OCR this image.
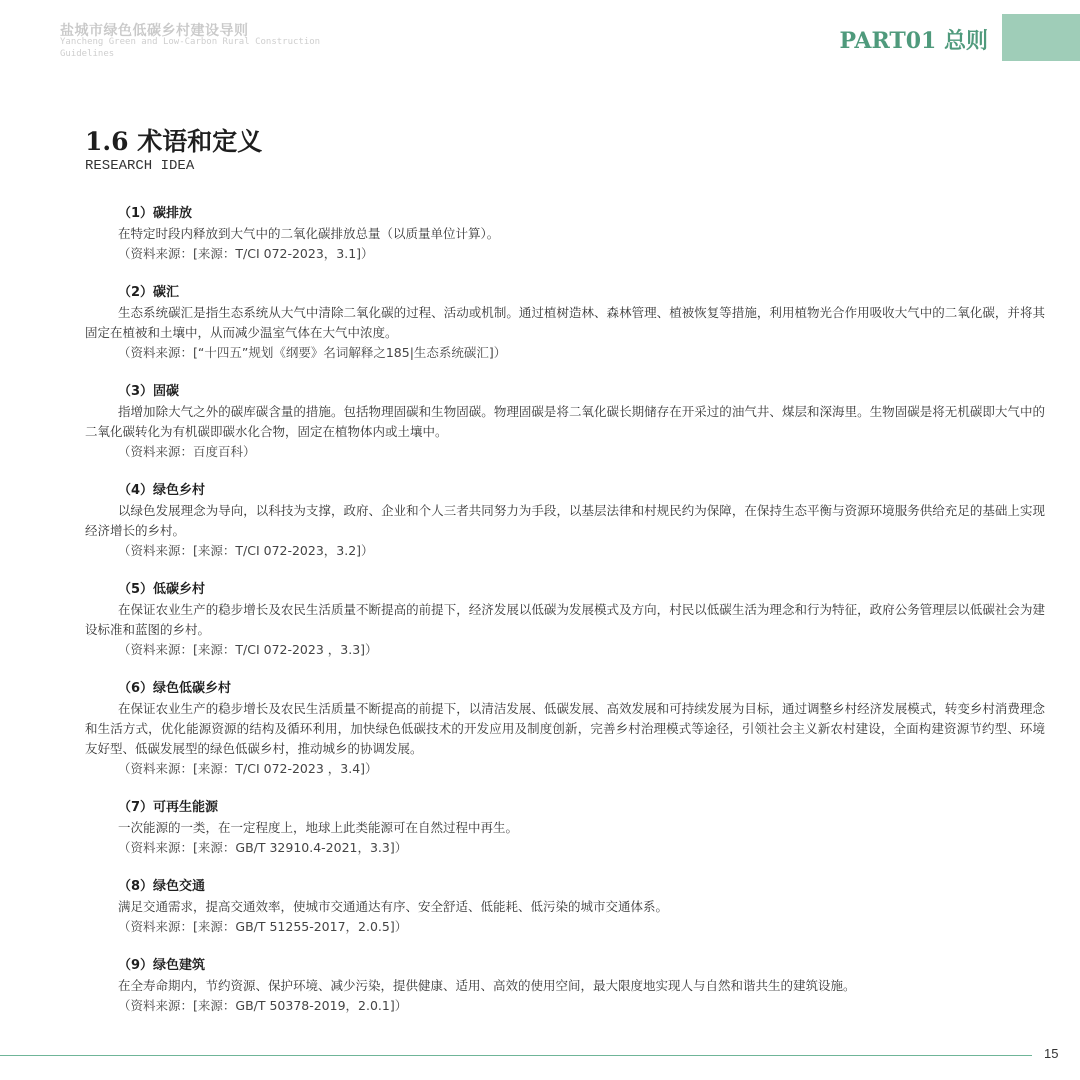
盐城市绿色低碳乡村建设导则
Yancheng Green and Low-Carbon Rural Construction Guidelines	PART01 总则
1.6 术语和定义
RESEARCH IDEA
（1）碳排放

在特定时段内释放到大气中的二氧化碳排放总量（以质量单位计算）。

（资料来源：[来源：T/CI 072-2023，3.1]）
（2）碳汇

生态系统碳汇是指生态系统从大气中清除二氧化碳的过程、活动或机制。通过植树造林、森林管理、植被恢复等措施，利用植物光合作用吸收大气中的二氧化碳，并将其固定在植被和土壤中，从而减少温室气体在大气中浓度。

（资料来源：[“十四五”规划《纲要》名词解释之185|生态系统碳汇]）
（3）固碳

指增加除大气之外的碳库碳含量的措施。包括物理固碳和生物固碳。物理固碳是将二氧化碳长期储存在开采过的油气井、煤层和深海里。生物固碳是将无机碳即大气中的二氧化碳转化为有机碳即碳水化合物，固定在植物体内或土壤中。

（资料来源：百度百科）
（4）绿色乡村

以绿色发展理念为导向，以科技为支撑，政府、企业和个人三者共同努力为手段，以基层法律和村规民约为保障，在保持生态平衡与资源环境服务供给充足的基础上实现经济增长的乡村。

（资料来源：[来源：T/CI 072-2023，3.2]）
（5）低碳乡村

在保证农业生产的稳步增长及农民生活质量不断提高的前提下，经济发展以低碳为发展模式及方向，村民以低碳生活为理念和行为特征，政府公务管理层以低碳社会为建设标准和蓝图的乡村。

（资料来源：[来源：T/CI 072-2023 ，3.3]）
（6）绿色低碳乡村

在保证农业生产的稳步增长及农民生活质量不断提高的前提下，以清洁发展、低碳发展、高效发展和可持续发展为目标，通过调整乡村经济发展模式，转变乡村消费理念和生活方式，优化能源资源的结构及循环利用，加快绿色低碳技术的开发应用及制度创新，完善乡村治理模式等途径，引领社会主义新农村建设，全面构建资源节约型、环境友好型、低碳发展型的绿色低碳乡村，推动城乡的协调发展。

（资料来源：[来源：T/CI 072-2023 ，3.4]）
（7）可再生能源

一次能源的一类，在一定程度上，地球上此类能源可在自然过程中再生。

（资料来源：[来源：GB/T 32910.4-2021，3.3]）
（8）绿色交通

满足交通需求，提高交通效率，使城市交通通达有序、安全舒适、低能耗、低污染的城市交通体系。

（资料来源：[来源：GB/T 51255-2017，2.0.5]）
（9）绿色建筑

在全寿命期内，节约资源、保护环境、减少污染，提供健康、适用、高效的使用空间，最大限度地实现人与自然和谐共生的建筑设施。

（资料来源：[来源：GB/T 50378-2019，2.0.1]）
15
